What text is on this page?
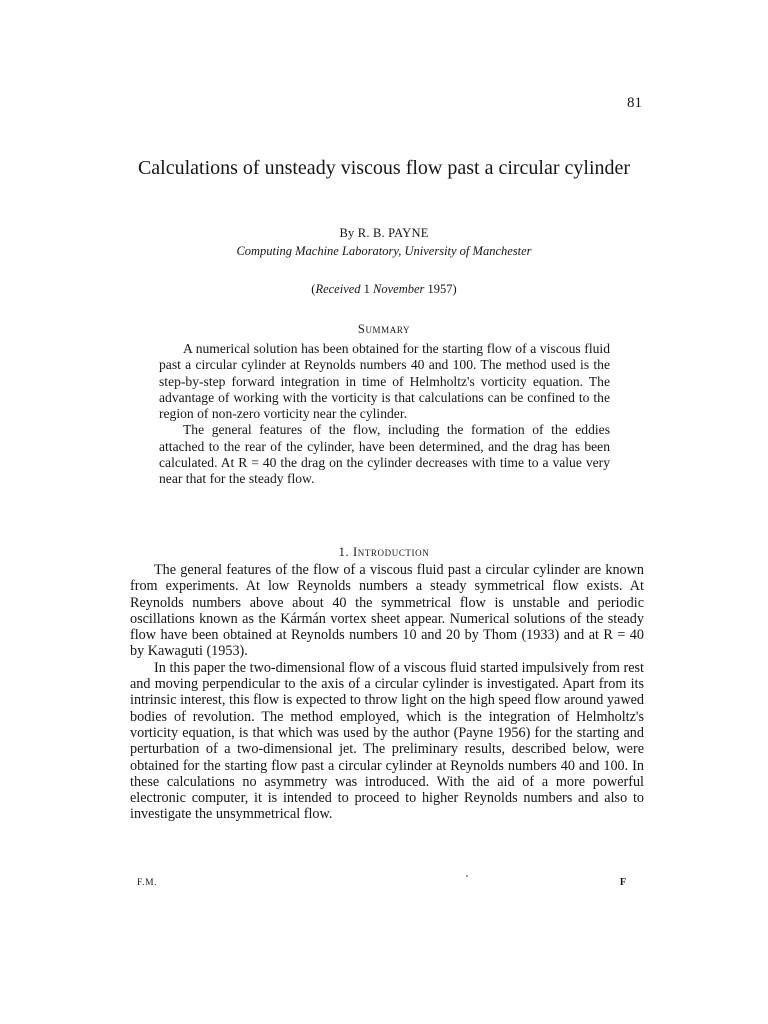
81
Calculations of unsteady viscous flow past a circular cylinder
By R. B. PAYNE
Computing Machine Laboratory, University of Manchester
(Received 1 November 1957)
Summary

A numerical solution has been obtained for the starting flow of a viscous fluid past a circular cylinder at Reynolds numbers 40 and 100. The method used is the step-by-step forward integration in time of Helmholtz's vorticity equation. The advantage of working with the vorticity is that calculations can be confined to the region of non-zero vorticity near the cylinder.

The general features of the flow, including the formation of the eddies attached to the rear of the cylinder, have been determined, and the drag has been calculated. At R = 40 the drag on the cylinder decreases with time to a value very near that for the steady flow.

1. Introduction

The general features of the flow of a viscous fluid past a circular cylinder are known from experiments. At low Reynolds numbers a steady symmetrical flow exists. At Reynolds numbers above about 40 the symmetrical flow is unstable and periodic oscillations known as the Kármán vortex sheet appear. Numerical solutions of the steady flow have been obtained at Reynolds numbers 10 and 20 by Thom (1933) and at R = 40 by Kawaguti (1953).

In this paper the two-dimensional flow of a viscous fluid started impulsively from rest and moving perpendicular to the axis of a circular cylinder is investigated. Apart from its intrinsic interest, this flow is expected to throw light on the high speed flow around yawed bodies of revolution. The method employed, which is the integration of Helmholtz's vorticity equation, is that which was used by the author (Payne 1956) for the starting and perturbation of a two-dimensional jet. The preliminary results, described below, were obtained for the starting flow past a circular cylinder at Reynolds numbers 40 and 100. In these calculations no asymmetry was introduced. With the aid of a more powerful electronic computer, it is intended to proceed to higher Reynolds numbers and also to investigate the unsymmetrical flow.

F.M.	F
